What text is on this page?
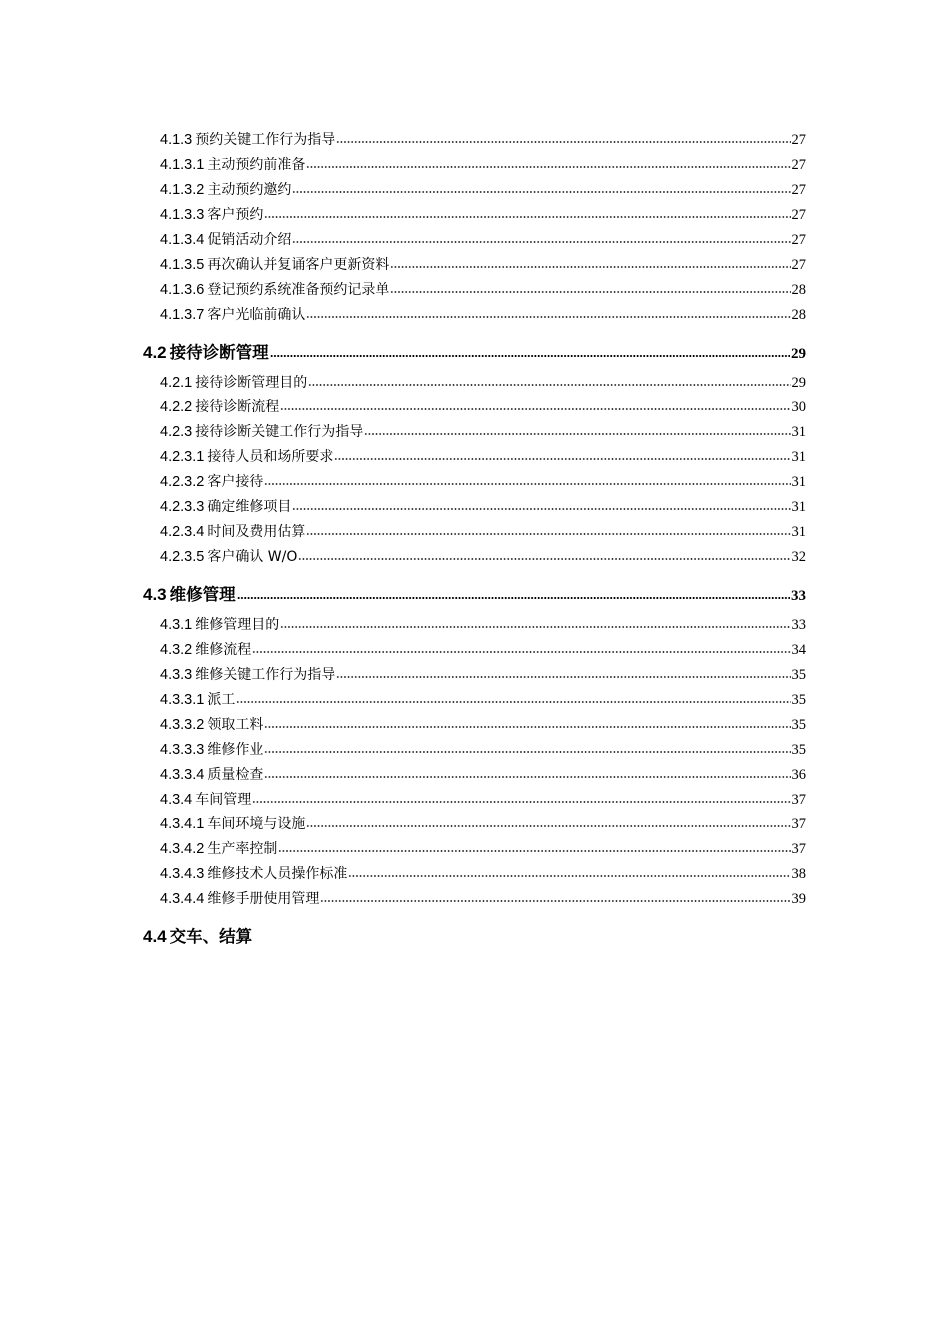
4.1.3 预约关键工作行为指导	27
4.1.3.1 主动预约前准备	27
4.1.3.2 主动预约邀约	27
4.1.3.3 客户预约	27
4.1.3.4 促销活动介绍	27
4.1.3.5 再次确认并复诵客户更新资料	27
4.1.3.6 登记预约系统准备预约记录单	28
4.1.3.7 客户光临前确认	28
4.2 接待诊断管理	29
4.2.1 接待诊断管理目的	29
4.2.2 接待诊断流程	30
4.2.3 接待诊断关键工作行为指导	31
4.2.3.1 接待人员和场所要求	31
4.2.3.2 客户接待	31
4.2.3.3 确定维修项目	31
4.2.3.4 时间及费用估算	31
4.2.3.5 客户确认 W/O	32
4.3 维修管理	33
4.3.1 维修管理目的	33
4.3.2 维修流程	34
4.3.3 维修关键工作行为指导	35
4.3.3.1 派工	35
4.3.3.2 领取工料	35
4.3.3.3 维修作业	35
4.3.3.4 质量检查	36
4.3.4 车间管理	37
4.3.4.1 车间环境与设施	37
4.3.4.2 生产率控制	37
4.3.4.3 维修技术人员操作标准	38
4.3.4.4 维修手册使用管理	39
4.4 交车、结算
